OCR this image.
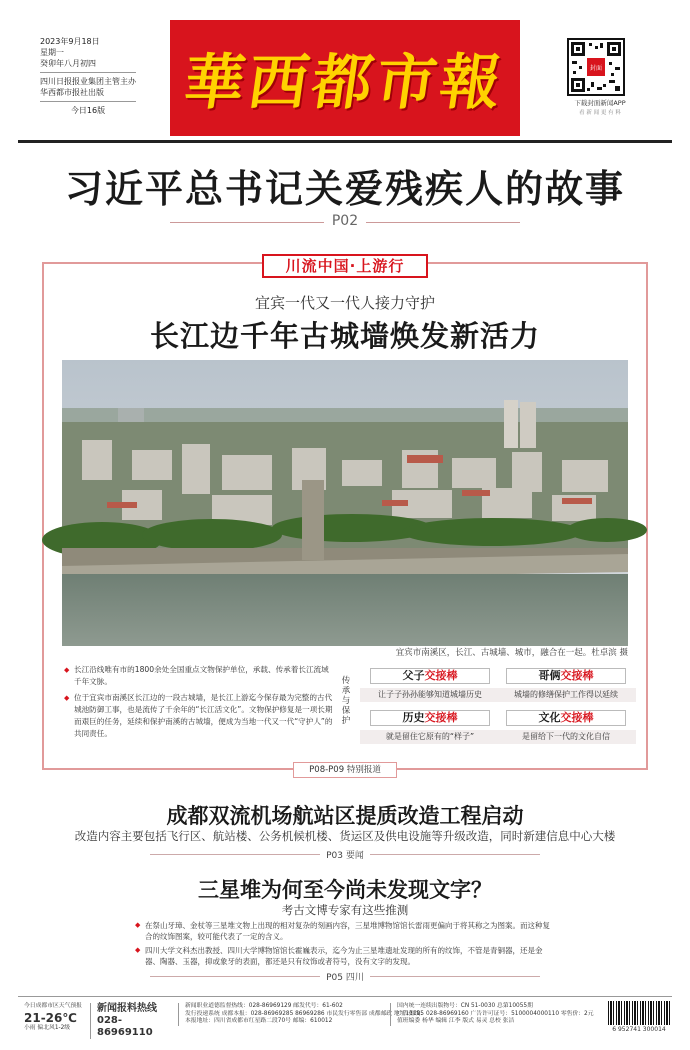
2023年9月18日
星期一
癸卯年八月初四
四川日报报业集团主管主办
华西都市报社出版
今日16版	華西都市報	封面
下载封面新闻APP
看 新 闻 更 有 料
习近平总书记关爱残疾人的故事
P02
川流中国·上游行
宜宾一代又一代人接力守护
长江边千年古城墙焕发新活力
宜宾市南溪区，长江、古城墙、城市，融合在一起。杜卓滨 摄

◆ 长江沿线唯有市的1800余处全国重点文物保护单位，承载、传承着长江流域千年文脉。

◆ 位于宜宾市南溪区长江边的一段古城墙，是长江上游迄今保存最为完整的古代城池防御工事，也是流传了千余年的“长江活文化”。文物保护修复是一项长期而艰巨的任务，延续和保护南溪的古城墙，便成为当地一代又一代“守护人”的共同责任。

传承与保护
父子交接棒
让子子孙孙能够知道城墙历史
哥俩交接棒
城墙的修缮保护工作得以延续
历史交接棒
就是留住它原有的“样子”
文化交接棒
是留给下一代的文化自信
P08-P09 特别报道
成都双流机场航站区提质改造工程启动
改造内容主要包括飞行区、航站楼、公务机候机楼、货运区及供电设施等升级改造，同时新建信息中心大楼
P03 要闻
三星堆为何至今尚未发现文字？
考古文博专家有这些推测

◆ 在祭山牙璋、金杖等三星堆文物上出现的相对复杂的刻画内容，三星堆博物馆馆长雷雨更偏向于将其称之为图案。而这种复合的纹饰图案，较可能代表了一定的含义。

◆ 四川大学文科杰出教授、四川大学博物馆馆长霍巍表示，迄今为止三星堆遗址发现的所有的纹饰，不管是青铜器，还是金器、陶器、玉器，抑或象牙的表面，都还是只有纹饰或者符号，没有文字的发现。

P05 四川
今日成都市区天气预报
21-26℃
小雨 偏北风1-2级
新闻报料热线
028-86969110
新闻职业道德监督热线：028-86969129 邮发代号：61-602
发行投递系统 成都本报：028-86969285 86969286 市民发行零售部 成都邮政 地址11185
本报地址：四川省成都市红星路二段70号 邮编：610012
国内统一连续出版物号：CN 51-0030 总第10055期
广告热线：028-86969160 广告许可证号：5100004000110 零售价：2元
值班编委 杨华 编辑 江李 版式 易灵 总校 张洁
6 952741 300014
